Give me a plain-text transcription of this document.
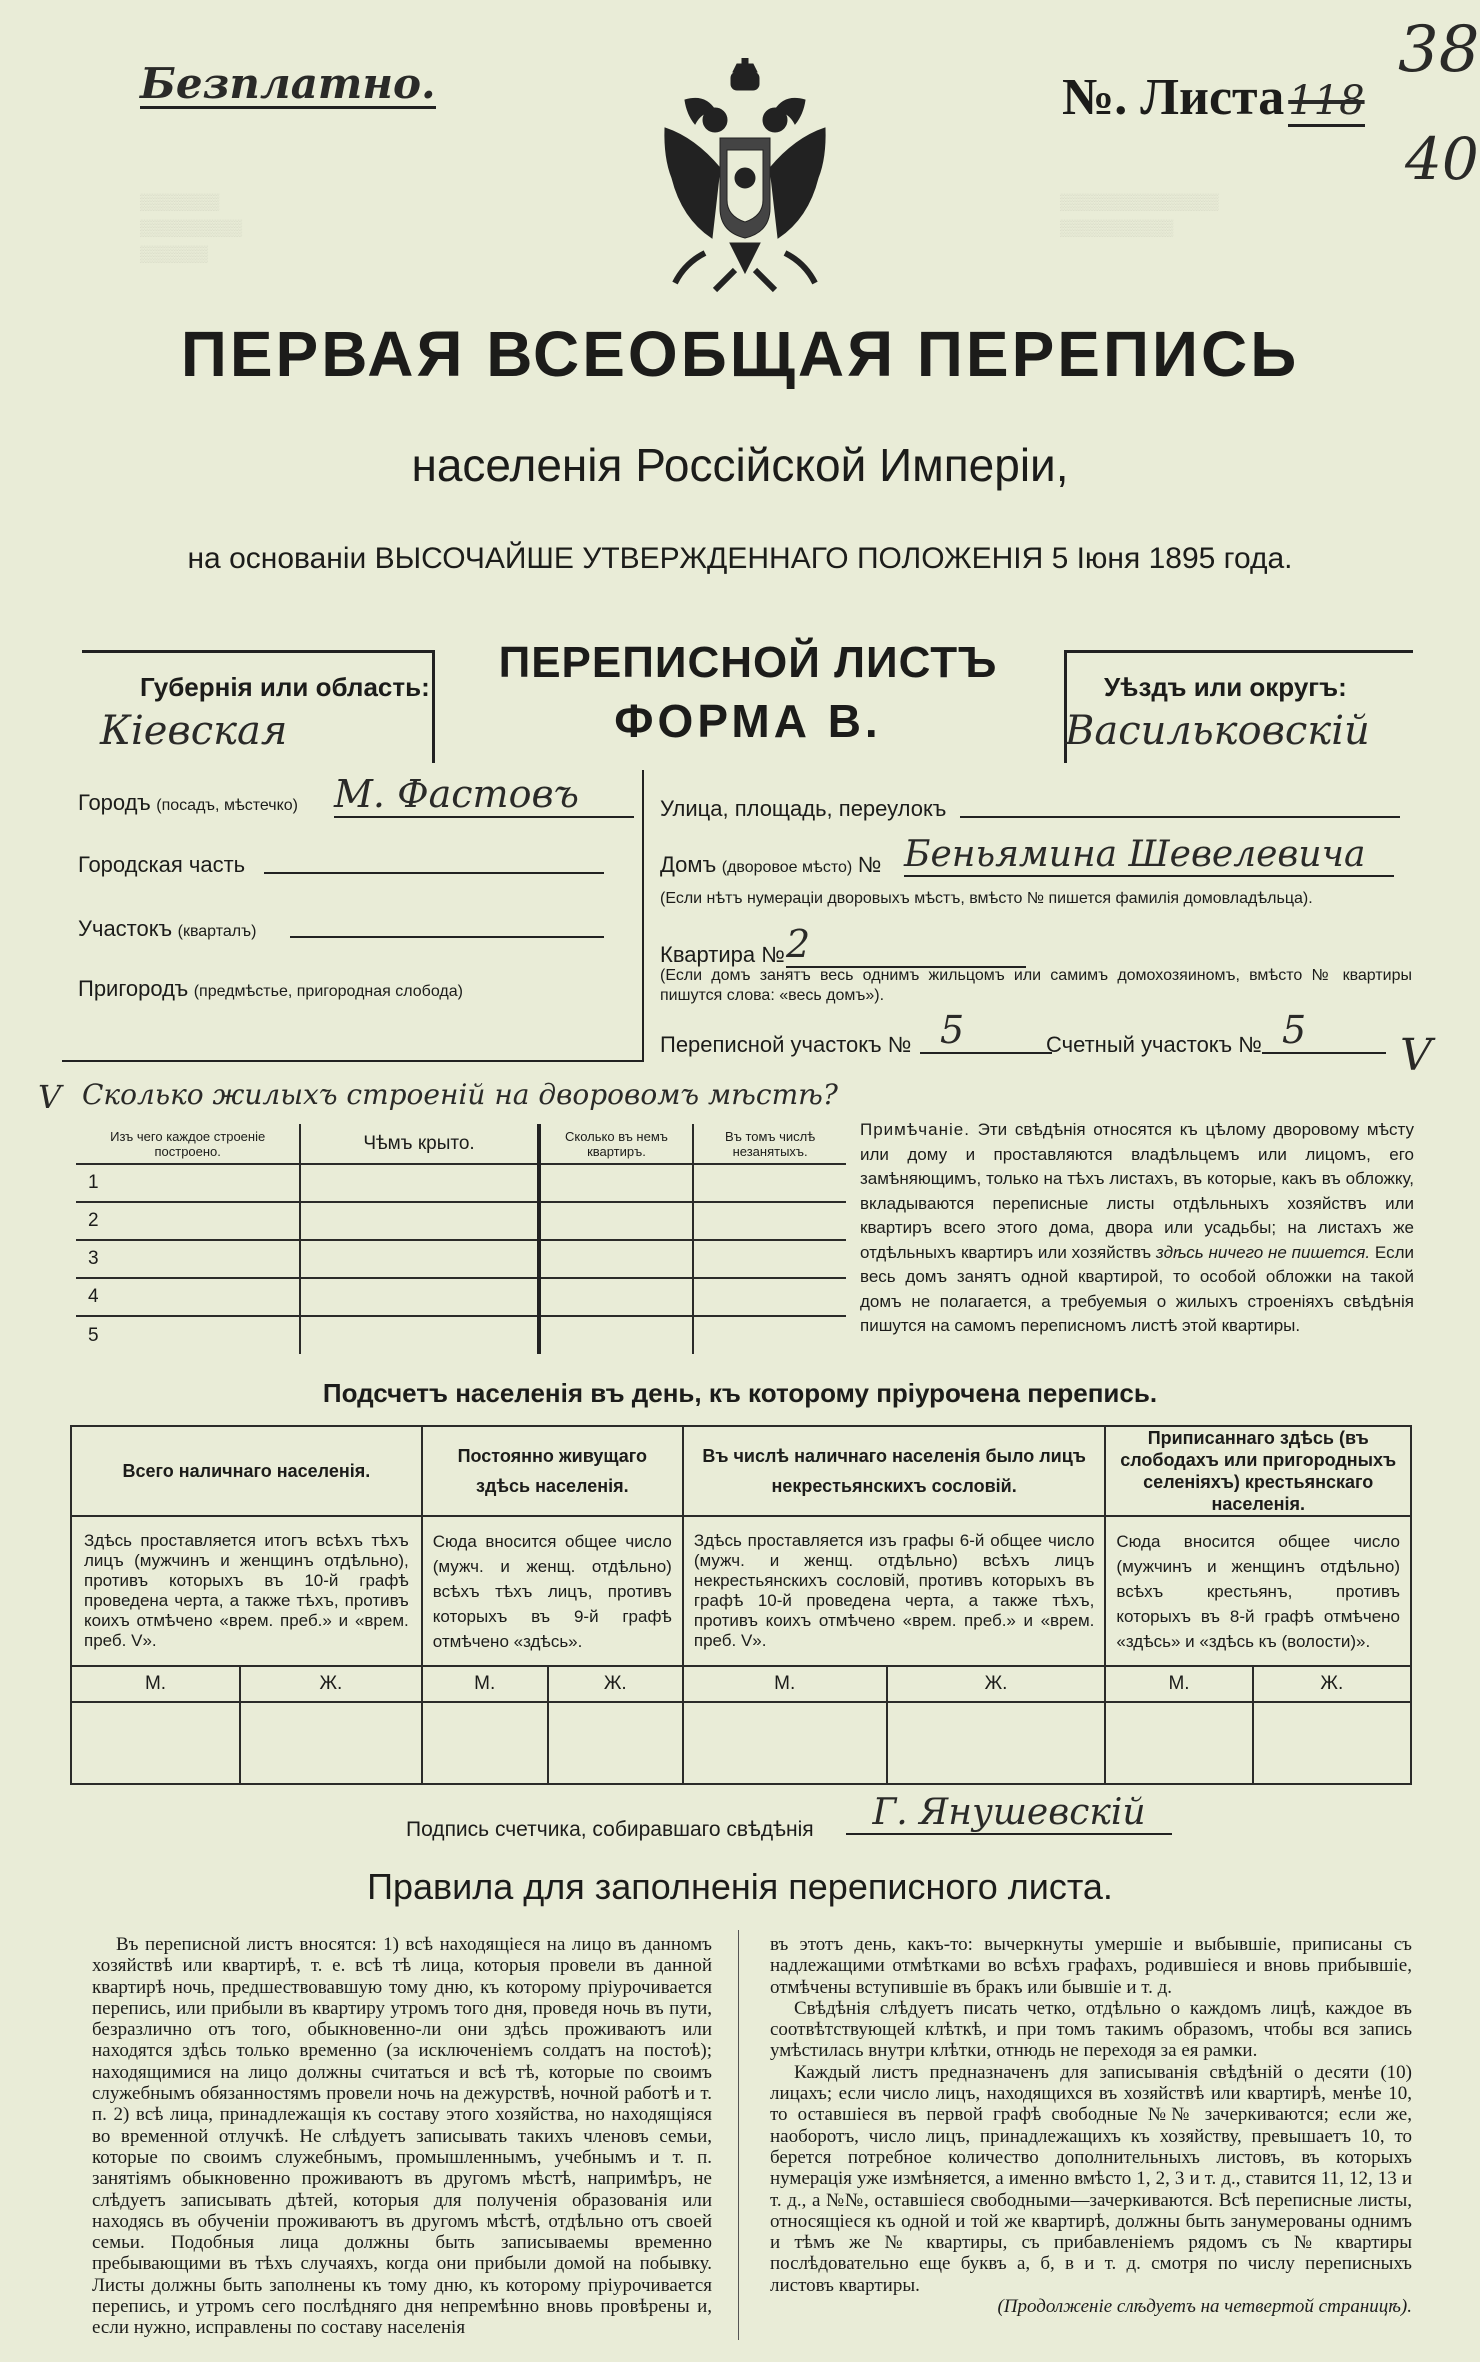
Безплатно.	№. Листа 118
38
40
▒▒▒▒▒▒▒
▒▒▒▒▒▒▒▒▒
▒▒▒▒▒▒
▒▒▒▒▒▒▒▒▒▒▒▒▒▒
▒▒▒▒▒▒▒▒▒▒
ПЕРВАЯ ВСЕОБЩАЯ ПЕРЕПИСЬ
населенія Россійской Имперіи,
на основаніи ВЫСОЧАЙШЕ УТВЕРЖДЕННАГО ПОЛОЖЕНІЯ 5 Іюня 1895 года.
Губернія или область:
Кіевская
ПЕРЕПИСНОЙ ЛИСТЪ
ФОРМА В.
Уѣздъ или округъ:
Васильковскій
Городъ (посадъ, мѣстечко) М. Фастовъ
Городская часть
Участокъ (кварталъ)
Пригородъ (предмѣстье, пригородная слобода)
Улица, площадь, переулокъ
Домъ (дворовое мѣсто) № Беньямина Шевелевича
(Если нѣтъ нумераціи дворовыхъ мѣстъ, вмѣсто № пишется фамилія домовладѣльца).
Квартира № 2
(Если домъ занятъ весь однимъ жильцомъ или самимъ домохозяиномъ, вмѣсто № квартиры пишутся слова: «весь домъ»).
Переписной участокъ № 5	Счетный участокъ № 5	V
V Сколько жилыхъ строеній на дворовомъ мѣстѣ?
Изъ чего каждое строеніе построено.	Чѣмъ крыто.	Сколько въ немъ квартиръ.	Въ томъ числѣ незанятыхъ.
1			
2			
3			
4			
5			
Примѣчаніе. Эти свѣдѣнія относятся къ цѣлому дворовому мѣсту или дому и проставляются владѣльцемъ или лицомъ, его замѣняющимъ, только на тѣхъ листахъ, въ которые, какъ въ обложку, вкладываются переписные листы отдѣльныхъ хозяйствъ или квартиръ всего этого дома, двора или усадьбы; на листахъ же отдѣльныхъ квартиръ или хозяйствъ здѣсь ничего не пишется. Если весь домъ занятъ одной квартирой, то особой обложки на такой домъ не полагается, а требуемыя о жилыхъ строеніяхъ свѣдѣнія пишутся на самомъ переписномъ листѣ этой квартиры.
Подсчетъ населенія въ день, къ которому пріурочена перепись.
Всего наличнаго населенія.		Постоянно живущаго здѣсь населенія.		Въ числѣ наличнаго населенія было лицъ некрестьянскихъ сословій.		Приписаннаго здѣсь (въ слободахъ или пригородныхъ селеніяхъ) крестьянскаго населенія.	
Здѣсь проставляется итогъ всѣхъ тѣхъ лицъ (мужчинъ и женщинъ отдѣльно), противъ которыхъ въ 10-й графѣ проведена черта, а также тѣхъ, противъ коихъ отмѣчено «врем. преб.» и «врем. преб. V».		Сюда вносится общее число (мужч. и женщ. отдѣльно) всѣхъ тѣхъ лицъ, противъ которыхъ въ 9-й графѣ отмѣчено «здѣсь».		Здѣсь проставляется изъ графы 6-й общее число (мужч. и женщ. отдѣльно) всѣхъ лицъ некрестьянскихъ сословій, противъ которыхъ въ графѣ 10-й проведена черта, а также тѣхъ, противъ коихъ отмѣчено «врем. преб.» и «врем. преб. V».		Сюда вносится общее число (мужчинъ и женщинъ отдѣльно) всѣхъ крестьянъ, противъ которыхъ въ 8-й графѣ отмѣчено «здѣсь» и «здѣсь къ (волости)».	
М.	Ж.	М.	Ж.	М.	Ж.	М.	Ж.

Подпись счетчика, собиравшаго свѣдѣнія	Г. Янушевскій
Правила для заполненія переписного листа.
Въ переписной листъ вносятся: 1) всѣ находящіеся на лицо въ данномъ хозяйствѣ или квартирѣ, т. е. всѣ тѣ лица, которыя провели въ данной квартирѣ ночь, предшествовавшую тому дню, къ которому пріурочивается перепись, или прибыли въ квартиру утромъ того дня, проведя ночь въ пути, безразлично отъ того, обыкновенно-ли они здѣсь проживаютъ или находятся здѣсь только временно (за исключеніемъ солдатъ на постоѣ); находящимися на лицо должны считаться и всѣ тѣ, которые по своимъ служебнымъ обязанностямъ провели ночь на дежурствѣ, ночной работѣ и т. п. 2) всѣ лица, принадлежащія къ составу этого хозяйства, но находящіяся во временной отлучкѣ. Не слѣдуетъ записывать такихъ членовъ семьи, которые по своимъ служебнымъ, промышленнымъ, учебнымъ и т. п. занятіямъ обыкновенно проживаютъ въ другомъ мѣстѣ, напримѣръ, не слѣдуетъ записывать дѣтей, которыя для полученія образованія или находясь въ обученіи проживаютъ въ другомъ мѣстѣ, отдѣльно отъ своей семьи. Подобныя лица должны быть записываемы временно пребывающими въ тѣхъ случаяхъ, когда они прибыли домой на побывку. Листы должны быть заполнены къ тому дню, къ которому пріурочивается перепись, и утромъ сего послѣдняго дня непремѣнно вновь провѣрены и, если нужно, исправлены по составу населенія
въ этотъ день, какъ-то: вычеркнуты умершіе и выбывшіе, приписаны съ надлежащими отмѣтками во всѣхъ графахъ, родившіеся и вновь прибывшіе, отмѣчены вступившіе въ бракъ или бывшіе и т. д.
Свѣдѣнія слѣдуетъ писать четко, отдѣльно о каждомъ лицѣ, каждое въ соотвѣтствующей клѣткѣ, и при томъ такимъ образомъ, чтобы вся запись умѣстилась внутри клѣтки, отнюдь не переходя за ея рамки.
Каждый листъ предназначенъ для записыванія свѣдѣній о десяти (10) лицахъ; если число лицъ, находящихся въ хозяйствѣ или квартирѣ, менѣе 10, то оставшіеся въ первой графѣ свободные №№ зачеркиваются; если же, наоборотъ, число лицъ, принадлежащихъ къ хозяйству, превышаетъ 10, то берется потребное количество дополнительныхъ листовъ, въ которыхъ нумерація уже измѣняется, а именно вмѣсто 1, 2, 3 и т. д., ставится 11, 12, 13 и т. д., а №№, оставшіеся свободными—зачеркиваются. Всѣ переписные листы, относящіеся къ одной и той же квартирѣ, должны быть занумерованы однимъ и тѣмъ же № квартиры, съ прибавленіемъ рядомъ съ № квартиры послѣдовательно еще буквъ а, б, в и т. д. смотря по числу переписныхъ листовъ квартиры.
(Продолженіе слѣдуетъ на четвертой страницѣ).
